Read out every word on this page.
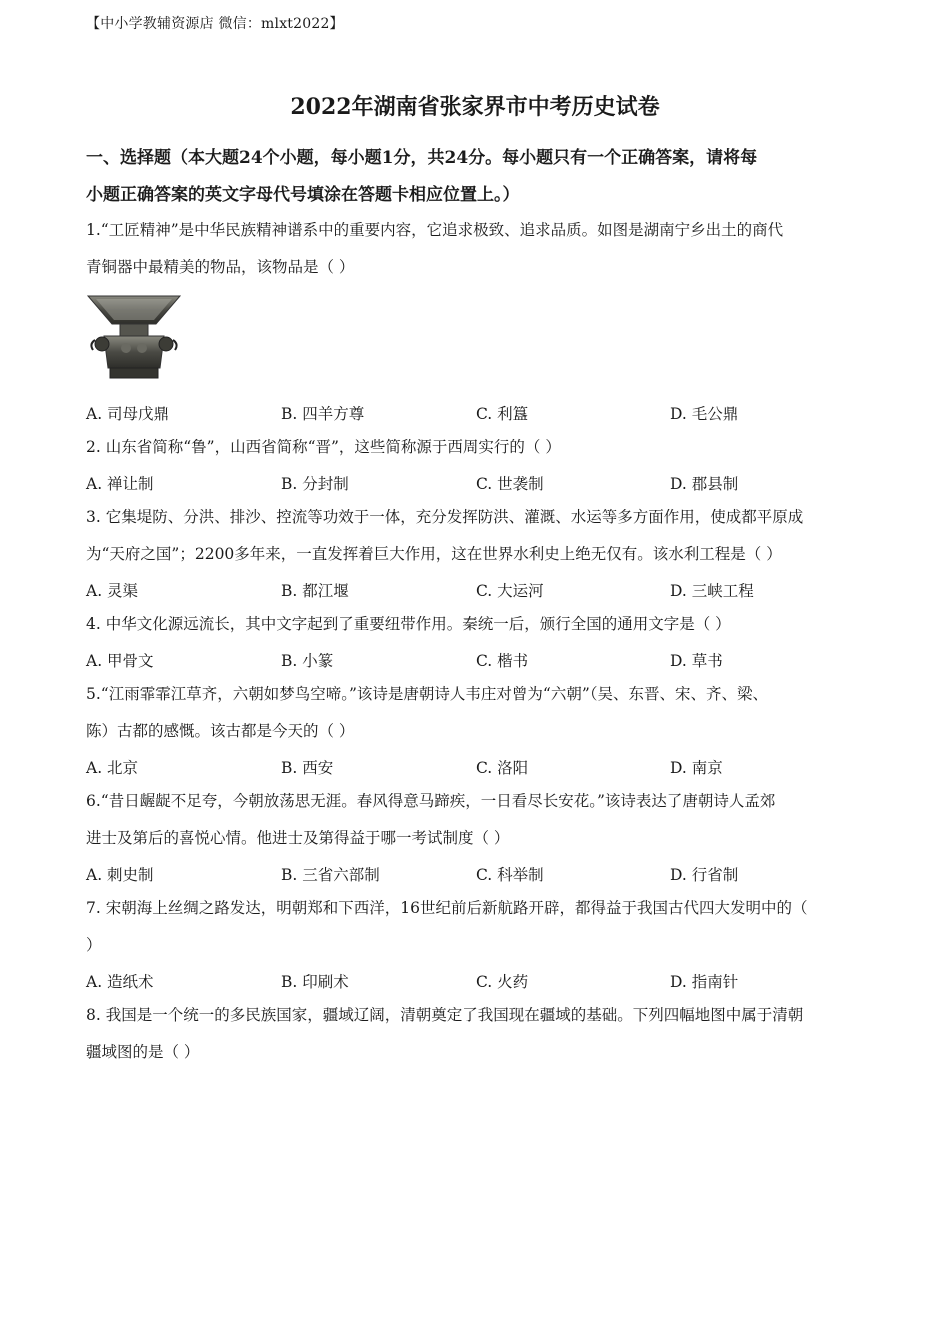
【中小学教辅资源店 微信：mlxt2022】
2022年湖南省张家界市中考历史试卷
一、选择题（本大题24个小题，每小题1分，共24分。每小题只有一个正确答案，请将每
小题正确答案的英文字母代号填涂在答题卡相应位置上。）
1.“工匠精神”是中华民族精神谱系中的重要内容，它追求极致、追求品质。如图是湖南宁乡出土的商代
青铜器中最精美的物品，该物品是（ ）
A. 司母戊鼎	B. 四羊方尊	C. 利簋	D. 毛公鼎
2. 山东省简称“鲁”，山西省简称“晋”，这些简称源于西周实行的（ ）
A. 禅让制	B. 分封制	C. 世袭制	D. 郡县制
3. 它集堤防、分洪、排沙、控流等功效于一体，充分发挥防洪、灌溉、水运等多方面作用，使成都平原成
为“天府之国”；2200多年来，一直发挥着巨大作用，这在世界水利史上绝无仅有。该水利工程是（ ）
A. 灵渠	B. 都江堰	C. 大运河	D. 三峡工程
4. 中华文化源远流长，其中文字起到了重要纽带作用。秦统一后，颁行全国的通用文字是（ ）
A. 甲骨文	B. 小篆	C. 楷书	D. 草书
5.“江雨霏霏江草齐，六朝如梦鸟空啼。”该诗是唐朝诗人韦庄对曾为“六朝”（吴、东晋、宋、齐、梁、
陈）古都的感慨。该古都是今天的（ ）
A. 北京	B. 西安	C. 洛阳	D. 南京
6.“昔日龌龊不足夸，今朝放荡思无涯。春风得意马蹄疾，一日看尽长安花。”该诗表达了唐朝诗人孟郊
进士及第后的喜悦心情。他进士及第得益于哪一考试制度（ ）
A. 刺史制	B. 三省六部制	C. 科举制	D. 行省制
7. 宋朝海上丝绸之路发达，明朝郑和下西洋，16世纪前后新航路开辟，都得益于我国古代四大发明中的（
）
A. 造纸术	B. 印刷术	C. 火药	D. 指南针
8. 我国是一个统一的多民族国家，疆域辽阔，清朝奠定了我国现在疆域的基础。下列四幅地图中属于清朝
疆域图的是（ ）
